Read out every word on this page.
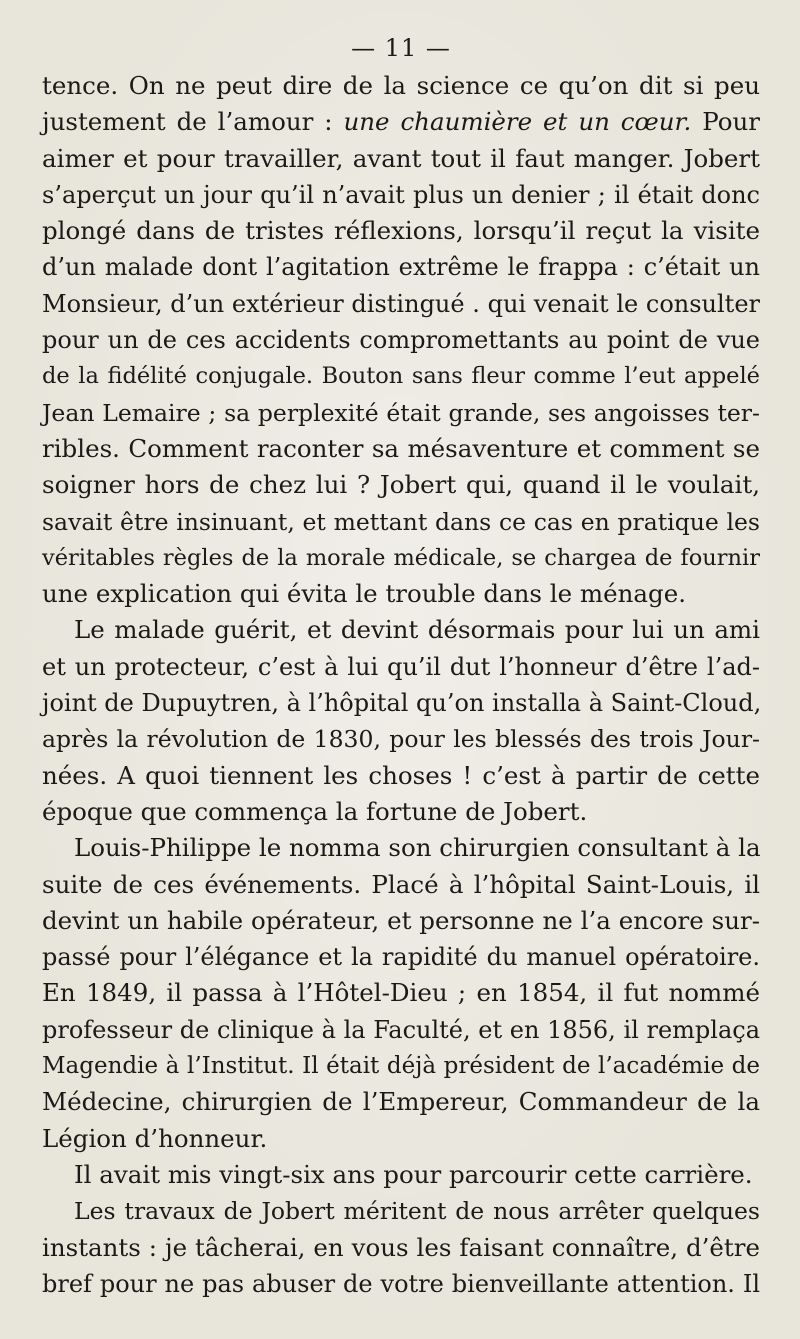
— 11 —
tence. On ne peut dire de la science ce qu’on dit si peu
justement de l’amour : une chaumière et un cœur. Pour
aimer et pour travailler, avant tout il faut manger. Jobert
s’aperçut un jour qu’il n’avait plus un denier ; il était donc
plongé dans de tristes réflexions, lorsqu’il reçut la visite
d’un malade dont l’agitation extrême le frappa : c’était un
Monsieur, d’un extérieur distingué . qui venait le consulter
pour un de ces accidents compromettants au point de vue
de la fidélité conjugale. Bouton sans fleur comme l’eut appelé
Jean Lemaire ; sa perplexité était grande, ses angoisses ter-
ribles. Comment raconter sa mésaventure et comment se
soigner hors de chez lui ? Jobert qui, quand il le voulait,
savait être insinuant, et mettant dans ce cas en pratique les
véritables règles de la morale médicale, se chargea de fournir
une explication qui évita le trouble dans le ménage.
Le malade guérit, et devint désormais pour lui un ami
et un protecteur, c’est à lui qu’il dut l’honneur d’être l’ad-
joint de Dupuytren, à l’hôpital qu’on installa à Saint-Cloud,
après la révolution de 1830, pour les blessés des trois Jour-
nées. A quoi tiennent les choses ! c’est à partir de cette
époque que commença la fortune de Jobert.
Louis-Philippe le nomma son chirurgien consultant à la
suite de ces événements. Placé à l’hôpital Saint-Louis, il
devint un habile opérateur, et personne ne l’a encore sur-
passé pour l’élégance et la rapidité du manuel opératoire.
En 1849, il passa à l’Hôtel-Dieu ; en 1854, il fut nommé
professeur de clinique à la Faculté, et en 1856, il remplaça
Magendie à l’Institut. Il était déjà président de l’académie de
Médecine, chirurgien de l’Empereur, Commandeur de la
Légion d’honneur.
Il avait mis vingt-six ans pour parcourir cette carrière.
Les travaux de Jobert méritent de nous arrêter quelques
instants : je tâcherai, en vous les faisant connaître, d’être
bref pour ne pas abuser de votre bienveillante attention. Il
